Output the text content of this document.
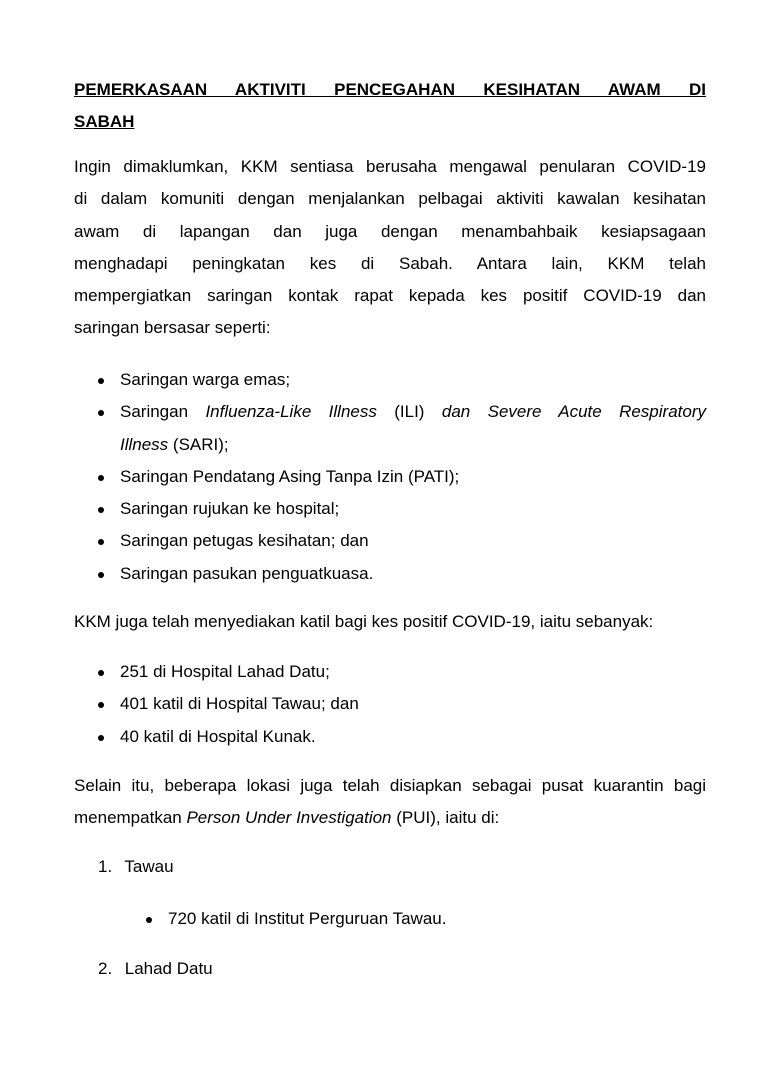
PEMERKASAAN AKTIVITI PENCEGAHAN KESIHATAN AWAM DI
SABAH

Ingin dimaklumkan, KKM sentiasa berusaha mengawal penularan COVID-19
di dalam komuniti dengan menjalankan pelbagai aktiviti kawalan kesihatan
awam di lapangan dan juga dengan menambahbaik kesiapsagaan
menghadapi peningkatan kes di Sabah. Antara lain, KKM telah
mempergiatkan saringan kontak rapat kepada kes positif COVID-19 dan
saringan bersasar seperti:

Saringan warga emas;
Saringan Influenza-Like Illness (ILI) dan Severe Acute Respiratory
Illness (SARI);
Saringan Pendatang Asing Tanpa Izin (PATI);
Saringan rujukan ke hospital;
Saringan petugas kesihatan; dan
Saringan pasukan penguatkuasa.

KKM juga telah menyediakan katil bagi kes positif COVID-19, iaitu sebanyak:

251 di Hospital Lahad Datu;
401 katil di Hospital Tawau; dan
40 katil di Hospital Kunak.

Selain itu, beberapa lokasi juga telah disiapkan sebagai pusat kuarantin bagi
menempatkan Person Under Investigation (PUI), iaitu di:

1. Tawau
720 katil di Institut Perguruan Tawau.
2. Lahad Datu
